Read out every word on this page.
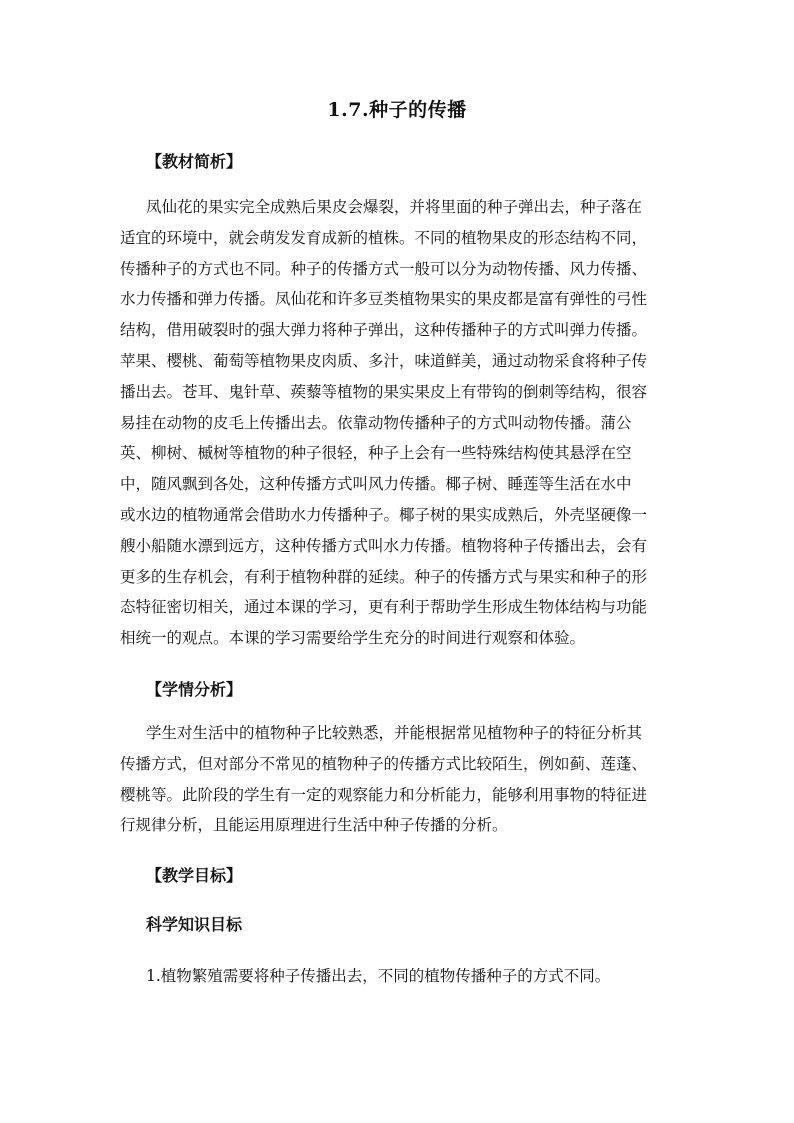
1.7.种子的传播
【教材简析】
凤仙花的果实完全成熟后果皮会爆裂，并将里面的种子弹出去，种子落在
适宜的环境中，就会萌发发育成新的植株。不同的植物果皮的形态结构不同，
传播种子的方式也不同。种子的传播方式一般可以分为动物传播、风力传播、
水力传播和弹力传播。凤仙花和许多豆类植物果实的果皮都是富有弹性的弓性
结构，借用破裂时的强大弹力将种子弹出，这种传播种子的方式叫弹力传播。
苹果、樱桃、葡萄等植物果皮肉质、多汁，味道鲜美，通过动物采食将种子传
播出去。苍耳、鬼针草、蒺藜等植物的果实果皮上有带钩的倒刺等结构，很容
易挂在动物的皮毛上传播出去。依靠动物传播种子的方式叫动物传播。蒲公
英、柳树、槭树等植物的种子很轻，种子上会有一些特殊结构使其悬浮在空
中，随风飘到各处，这种传播方式叫风力传播。椰子树、睡莲等生活在水中
或水边的植物通常会借助水力传播种子。椰子树的果实成熟后，外壳坚硬像一
艘小船随水漂到远方，这种传播方式叫水力传播。植物将种子传播出去，会有
更多的生存机会，有利于植物种群的延续。种子的传播方式与果实和种子的形
态特征密切相关，通过本课的学习，更有利于帮助学生形成生物体结构与功能
相统一的观点。本课的学习需要给学生充分的时间进行观察和体验。
【学情分析】
学生对生活中的植物种子比较熟悉，并能根据常见植物种子的特征分析其
传播方式，但对部分不常见的植物种子的传播方式比较陌生，例如蓟、莲蓬、
樱桃等。此阶段的学生有一定的观察能力和分析能力，能够利用事物的特征进
行规律分析，且能运用原理进行生活中种子传播的分析。
【教学目标】
科学知识目标
1.植物繁殖需要将种子传播出去，不同的植物传播种子的方式不同。
